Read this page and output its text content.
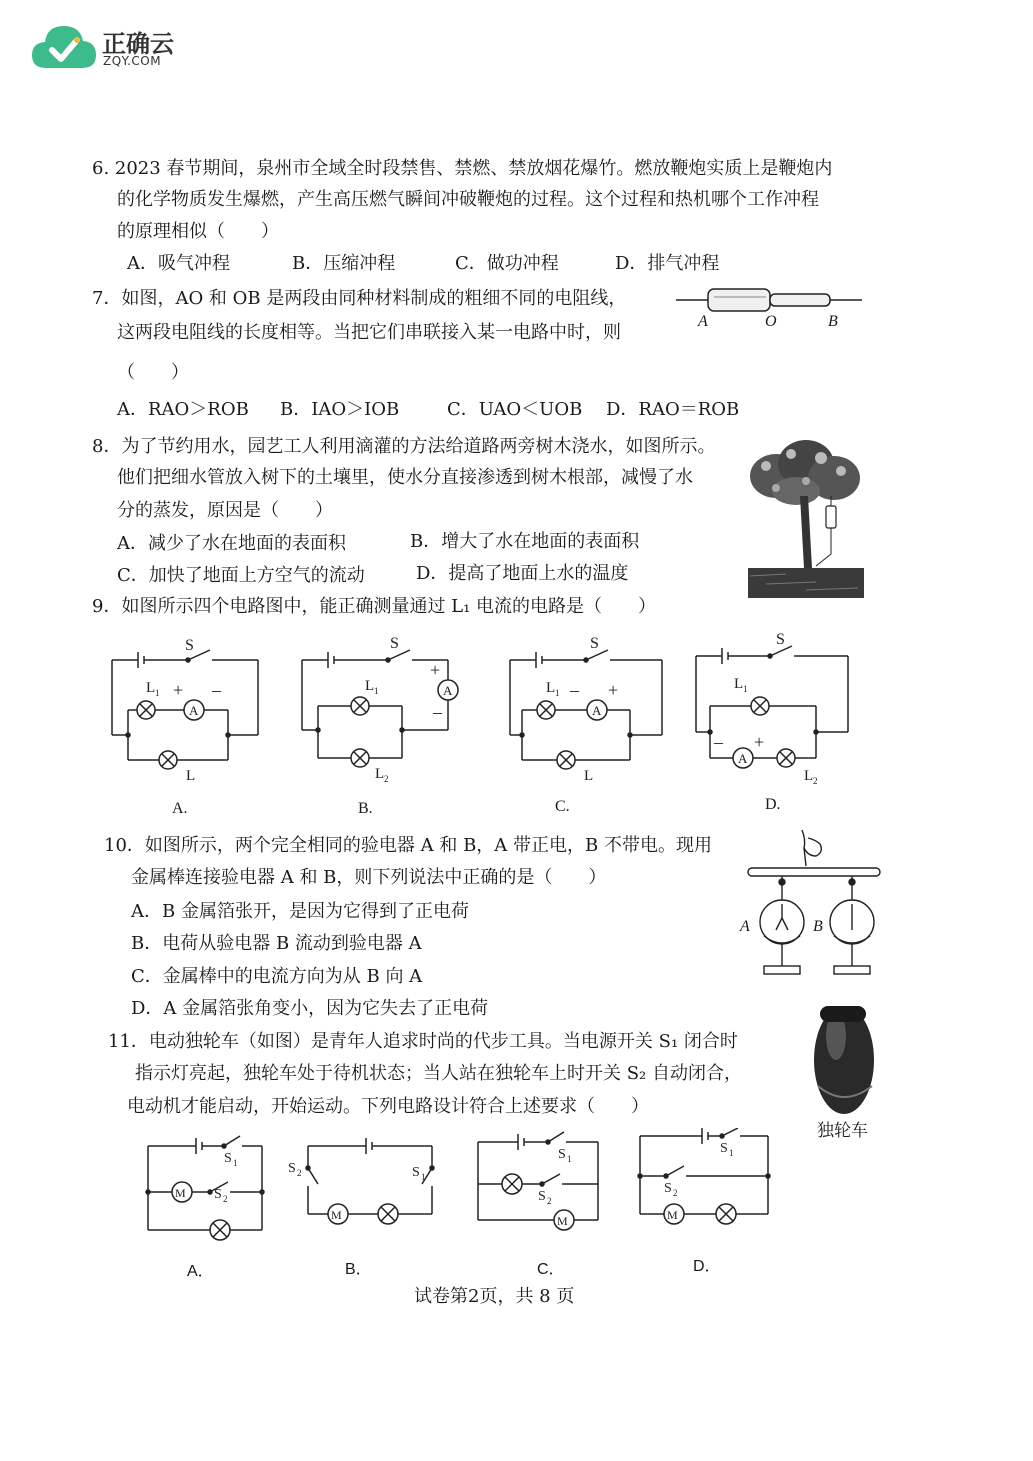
正确云
ZQY.COM
6. 2023 春节期间，泉州市全域全时段禁售、禁燃、禁放烟花爆竹。燃放鞭炮实质上是鞭炮内
的化学物质发生爆燃，产生高压燃气瞬间冲破鞭炮的过程。这个过程和热机哪个工作冲程
的原理相似（　　）
A．吸气冲程	B．压缩冲程	C．做功冲程	D．排气冲程
7．如图，AO 和 OB 是两段由同种材料制成的粗细不同的电阻线，
这两段电阻线的长度相等。当把它们串联接入某一电路中时，则
（　　）
A．RAO＞ROB B．IAO＞IOB	C．UAO＜UOB D．RAO＝ROB
A	O	B
8．为了节约用水，园艺工人利用滴灌的方法给道路两旁树木浇水，如图所示。
他们把细水管放入树下的土壤里，使水分直接渗透到树木根部，减慢了水
分的蒸发，原因是（　　）
A．减少了水在地面的表面积	B．增大了水在地面的表面积
C．加快了地面上方空气的流动	D．提高了地面上水的温度
9．如图所示四个电路图中，能正确测量通过 L₁ 电流的电路是（　　）
A
S
L 1 + –
L
A
S
L 1
+
–
L 2
A
S
L 1 – +
L
A
S
L 1
– +
L 2
A.	B.	C.	D.
10．如图所示，两个完全相同的验电器 A 和 B，A 带正电，B 不带电。现用
金属棒连接验电器 A 和 B，则下列说法中正确的是（　　）
A．B 金属箔张开，是因为它得到了正电荷
B．电荷从验电器 B 流动到验电器 A
C．金属棒中的电流方向为从 B 向 A
D．A 金属箔张角变小，因为它失去了正电荷
A	B
11．电动独轮车（如图）是青年人追求时尚的代步工具。当电源开关 S₁ 闭合时
指示灯亮起，独轮车处于待机状态；当人站在独轮车上时开关 S₂ 自动闭合，
电动机才能启动，开始运动。下列电路设计符合上述要求（　　）
独轮车
M
S 1
S 2
M
S 2	S 1
M
S 1
S 2
M
S 1
S 2
A．	B．	C．	D．
试卷第2页，共 8 页
